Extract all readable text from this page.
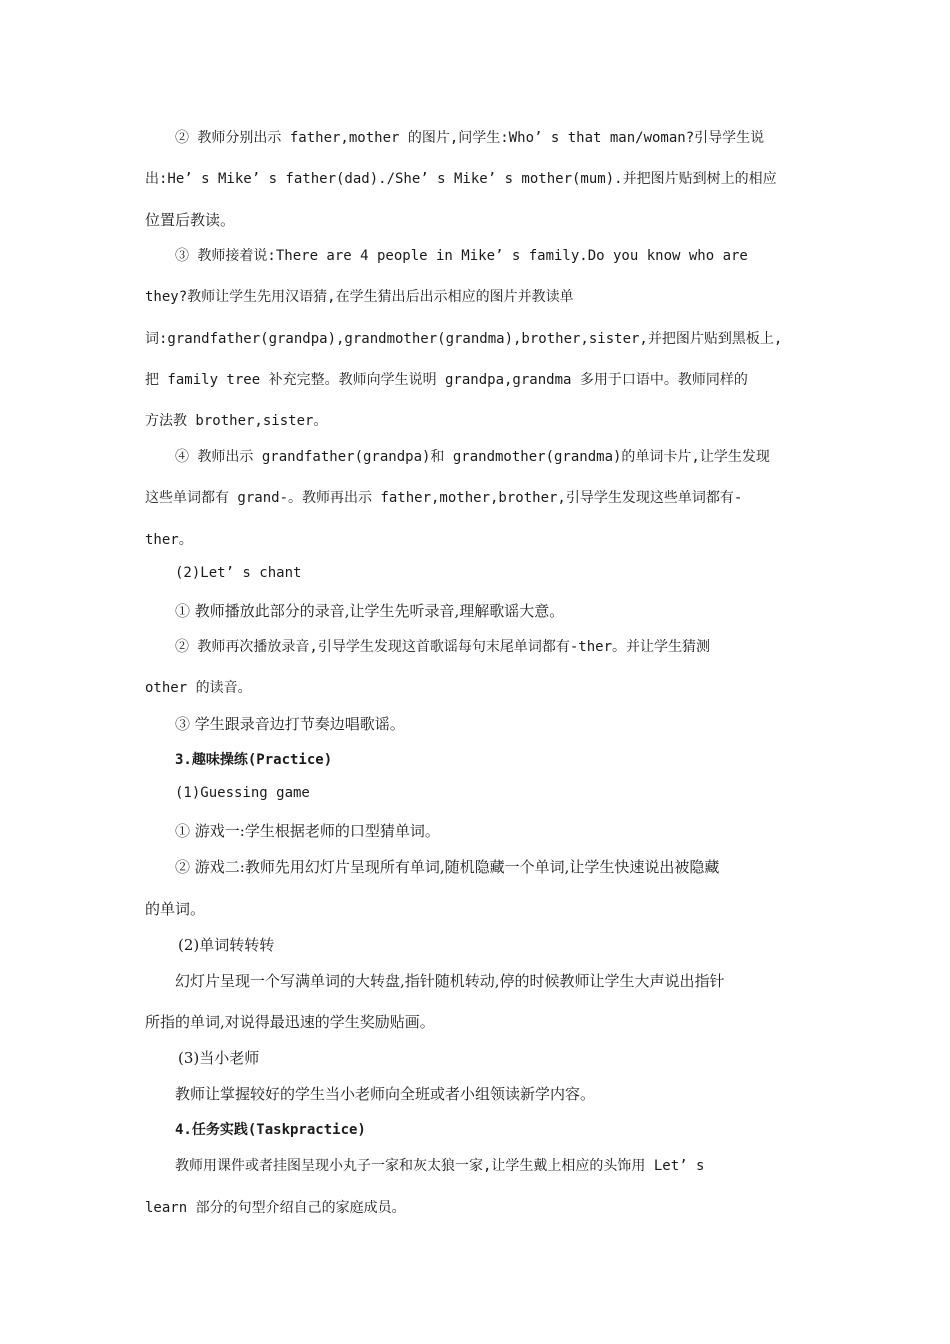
② 教师分别出示 father,mother 的图片,问学生:Who’ s that man/woman?引导学生说
出:He’ s Mike’ s father(dad)./She’ s Mike’ s mother(mum).并把图片贴到树上的相应
位置后教读。
③ 教师接着说:There are 4 people in Mike’ s family.Do you know who are
they?教师让学生先用汉语猜,在学生猜出后出示相应的图片并教读单
词:grandfather(grandpa),grandmother(grandma),brother,sister,并把图片贴到黑板上,
把 family tree 补充完整。教师向学生说明 grandpa,grandma 多用于口语中。教师同样的
方法教 brother,sister。
④ 教师出示 grandfather(grandpa)和 grandmother(grandma)的单词卡片,让学生发现
这些单词都有 grand-。教师再出示 father,mother,brother,引导学生发现这些单词都有-
ther。
(2)Let’ s chant
① 教师播放此部分的录音,让学生先听录音,理解歌谣大意。
② 教师再次播放录音,引导学生发现这首歌谣每句末尾单词都有-ther。并让学生猜测
other 的读音。
③ 学生跟录音边打节奏边唱歌谣。
3.趣味操练(Practice)
(1)Guessing game
① 游戏一:学生根据老师的口型猜单词。
② 游戏二:教师先用幻灯片呈现所有单词,随机隐藏一个单词,让学生快速说出被隐藏
的单词。
(2)单词转转转
幻灯片呈现一个写满单词的大转盘,指针随机转动,停的时候教师让学生大声说出指针
所指的单词,对说得最迅速的学生奖励贴画。
(3)当小老师
教师让掌握较好的学生当小老师向全班或者小组领读新学内容。
4.任务实践(Taskpractice)
教师用课件或者挂图呈现小丸子一家和灰太狼一家,让学生戴上相应的头饰用 Let’ s
learn 部分的句型介绍自己的家庭成员。
